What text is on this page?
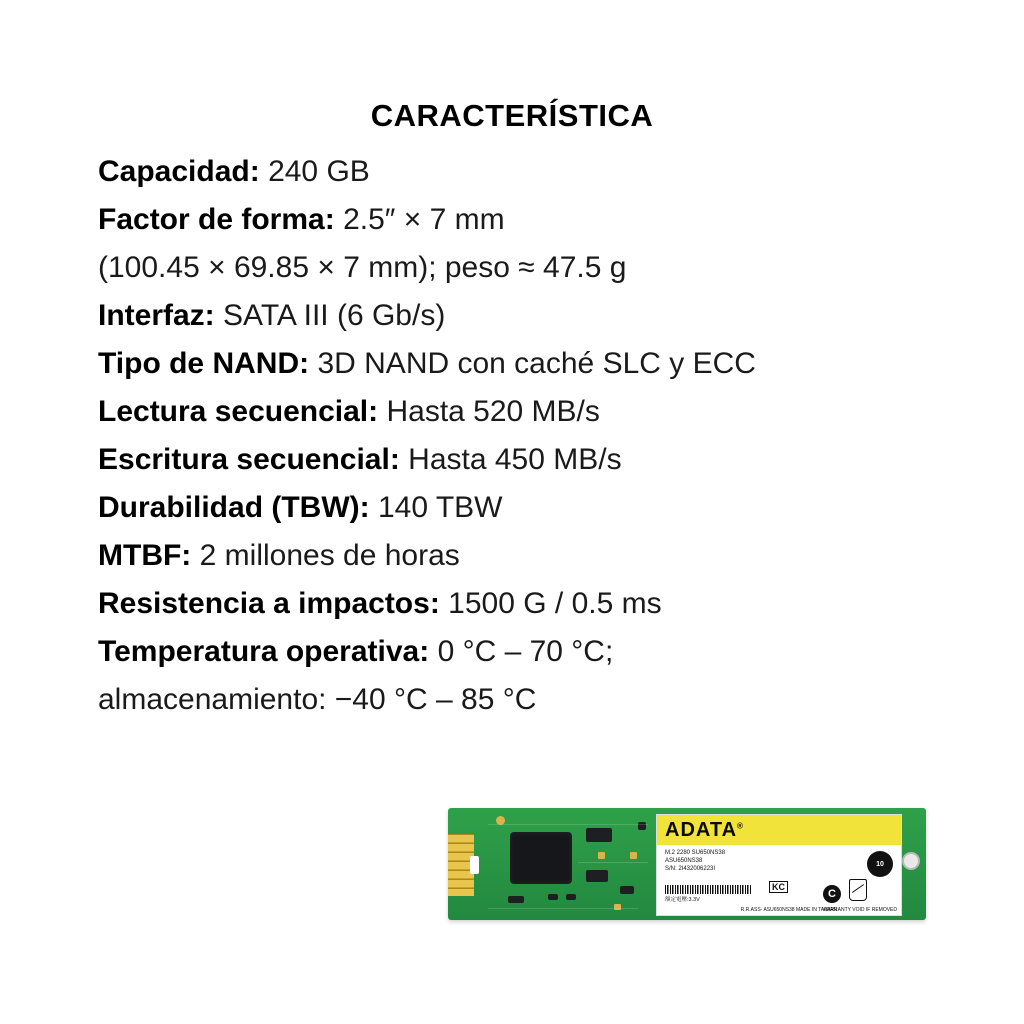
CARACTERÍSTICA
Capacidad: 240 GB
Factor de forma: 2.5″ × 7 mm
(100.45 × 69.85 × 7 mm); peso ≈ 47.5 g
Interfaz: SATA III (6 Gb/s)
Tipo de NAND: 3D NAND con caché SLC y ECC
Lectura secuencial: Hasta 520 MB/s
Escritura secuencial: Hasta 450 MB/s
Durabilidad (TBW): 140 TBW
MTBF: 2 millones de horas
Resistencia a impactos: 1500 G / 0.5 ms
Temperatura operativa: 0 °C – 70 °C;
almacenamiento: −40 °C – 85 °C
ADATA®
M.2 2280 SU650NS38
ASU650NS38
S/N: 2I432006223I
額定電壓:3.3V
KC
10
C
R.R.ASS- ASU650NS38 MADE IN TAIWAN
WARRANTY VOID IF REMOVED
